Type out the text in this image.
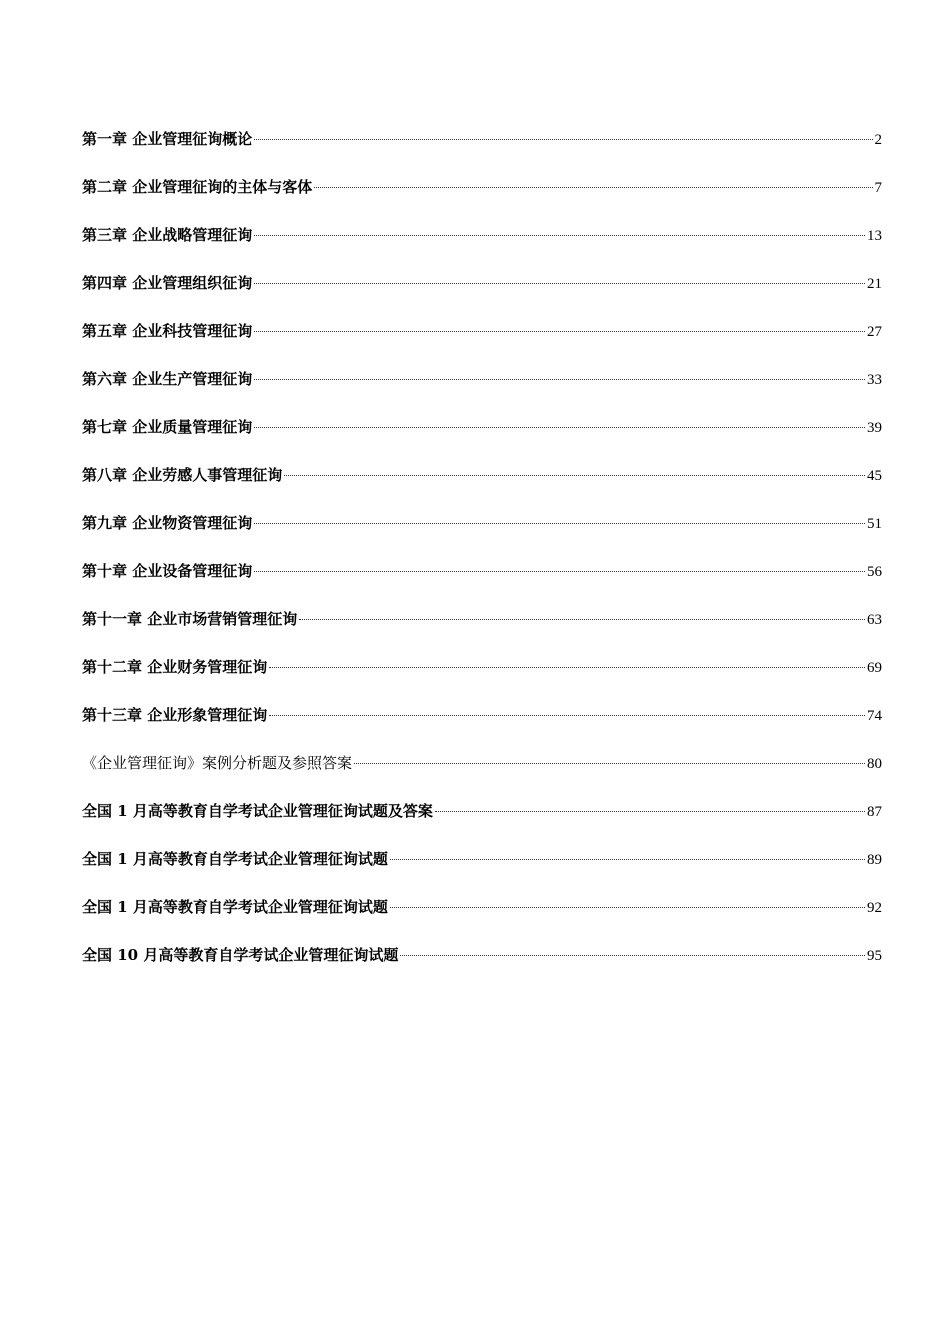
第一章 企业管理征询概论	2
第二章 企业管理征询的主体与客体	7
第三章 企业战略管理征询	13
第四章 企业管理组织征询	21
第五章 企业科技管理征询	27
第六章 企业生产管理征询	33
第七章 企业质量管理征询	39
第八章 企业劳感人事管理征询	45
第九章 企业物资管理征询	51
第十章 企业设备管理征询	56
第十一章 企业市场营销管理征询	63
第十二章 企业财务管理征询	69
第十三章 企业形象管理征询	74
《企业管理征询》案例分析题及参照答案	80
全国 1 月高等教育自学考试企业管理征询试题及答案	87
全国 1 月高等教育自学考试企业管理征询试题	89
全国 1 月高等教育自学考试企业管理征询试题	92
全国 10 月高等教育自学考试企业管理征询试题	95
